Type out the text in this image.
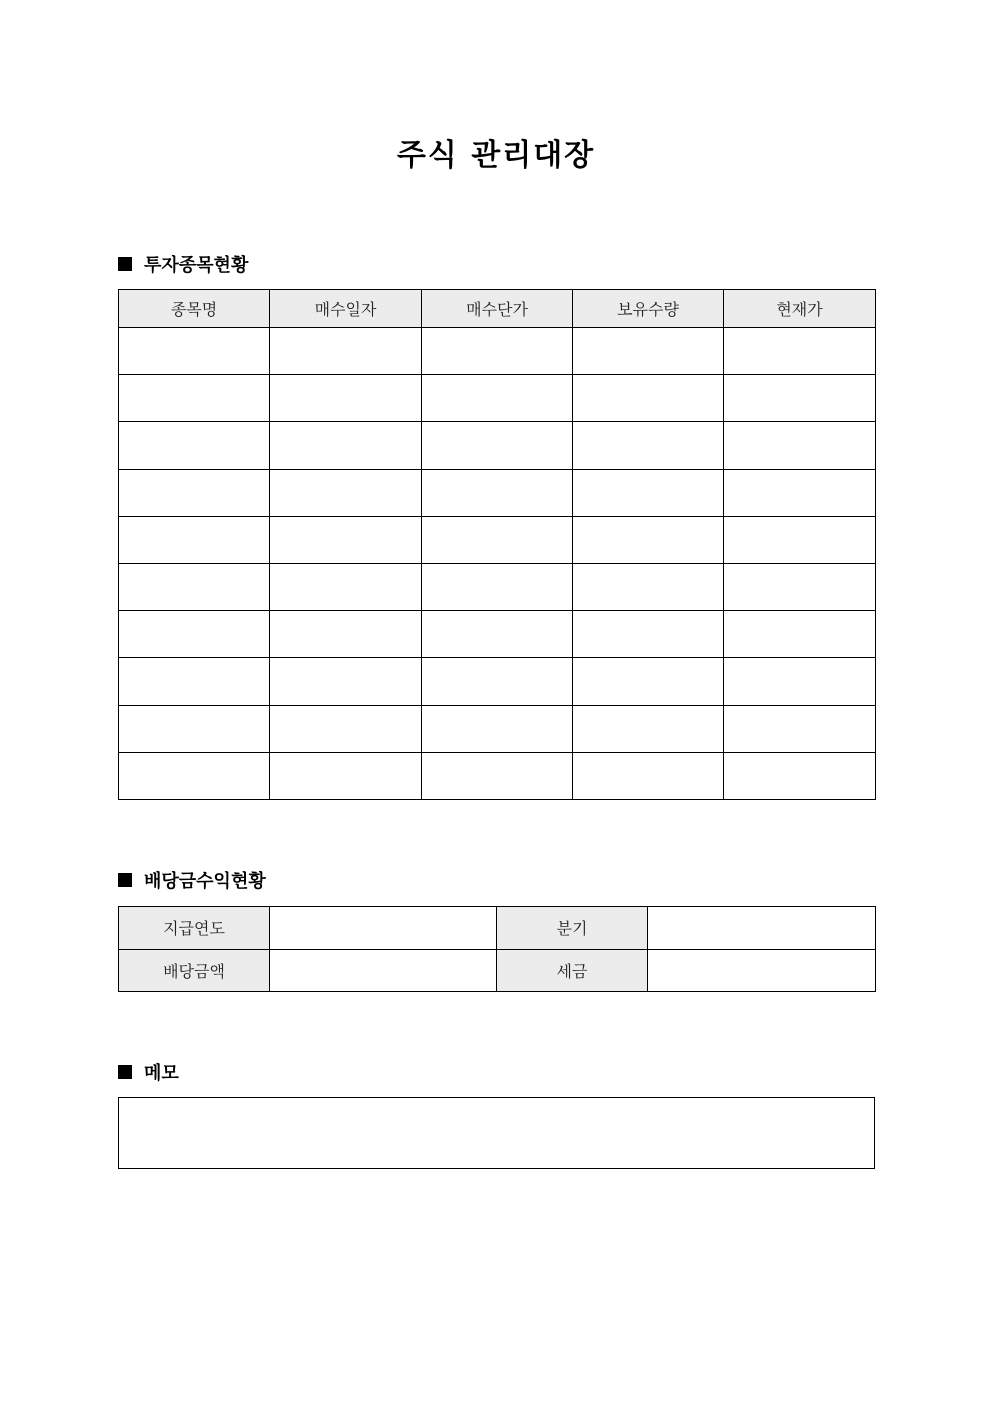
주식 관리대장
투자종목현황
종목명	매수일자	매수단가	보유수량	현재가

배당금수익현황
지급연도		분기	
배당금액		세금	
메모
